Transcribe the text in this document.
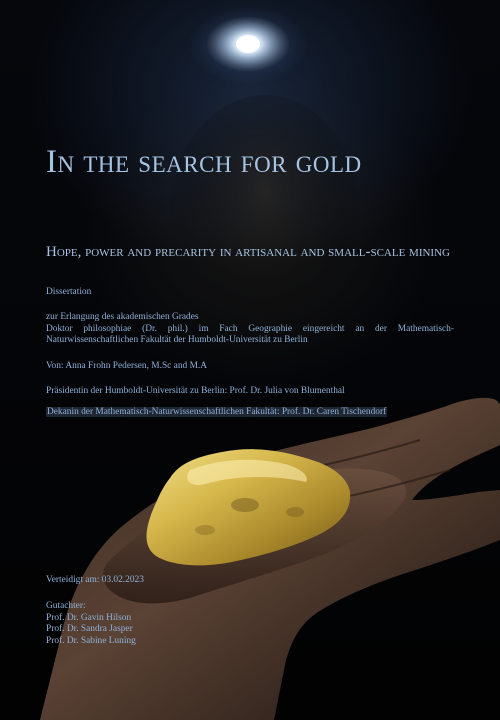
In the search for gold
Hope, power and precarity in artisanal and small-scale mining

Dissertation

zur Erlangung des akademischen Grades
Doktor philosophiae (Dr. phil.) im Fach Geographie eingereicht an der Mathematisch-
Naturwissenschaftlichen Fakultät der Humboldt-Universität zu Berlin

Von: Anna Frohn Pedersen, M.Sc and M.A

Präsidentin der Humboldt-Universität zu Berlin: Prof. Dr. Julia von Blumenthal

Dekanin der Mathematisch-Naturwissenschaftlichen Fakultät: Prof. Dr. Caren Tischendorf

Verteidigt am: 03.02.2023

Gutachter:
Prof. Dr. Gavin Hilson
Prof. Dr. Sandra Jasper
Prof. Dr. Sabine Luning
